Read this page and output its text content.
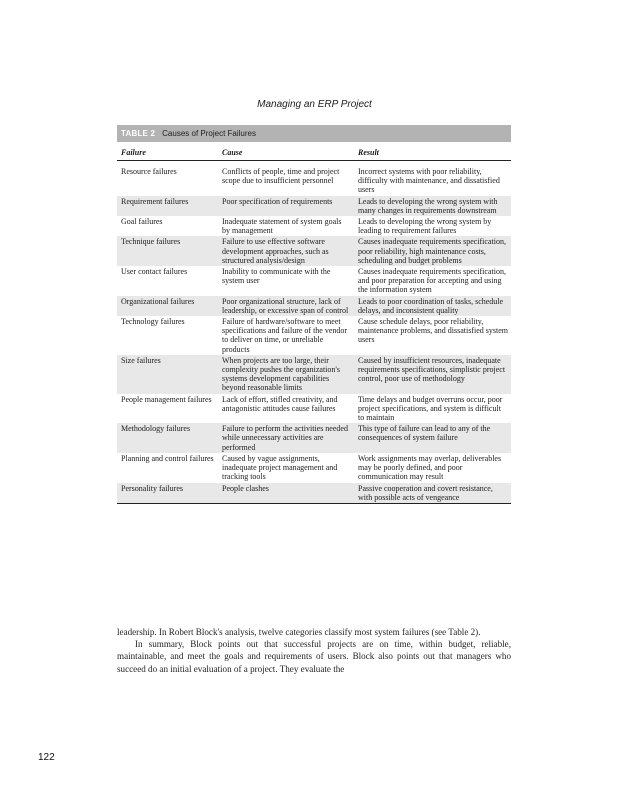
Managing an ERP Project
TABLE 2 Causes of Project Failures
Failure	Cause	Result
Resource failures	Conflicts of people, time and project scope due to insufficient personnel	Incorrect systems with poor reliability, difficulty with maintenance, and dissatisfied users
Requirement failures	Poor specification of requirements	Leads to developing the wrong system with many changes in requirements downstream
Goal failures	Inadequate statement of system goals by management	Leads to developing the wrong system by leading to requirement failures
Technique failures	Failure to use effective software development approaches, such as structured analysis/design	Causes inadequate requirements specification, poor reliability, high maintenance costs, scheduling and budget problems
User contact failures	Inability to communicate with the system user	Causes inadequate requirements specification, and poor preparation for accepting and using the information system
Organizational failures	Poor organizational structure, lack of leadership, or excessive span of control	Leads to poor coordination of tasks, schedule delays, and inconsistent quality
Technology failures	Failure of hardware/software to meet specifications and failure of the vendor to deliver on time, or unreliable products	Cause schedule delays, poor reliability, maintenance problems, and dissatisfied system users
Size failures	When projects are too large, their complexity pushes the organization's systems development capabilities beyond reasonable limits	Caused by insufficient resources, inadequate requirements specifications, simplistic project control, poor use of methodology
People management failures	Lack of effort, stifled creativity, and antagonistic attitudes cause failures	Time delays and budget overruns occur, poor project specifications, and system is difficult to maintain
Methodology failures	Failure to perform the activities needed while unnecessary activities are performed	This type of failure can lead to any of the consequences of system failure
Planning and control failures	Caused by vague assignments, inadequate project management and tracking tools	Work assignments may overlap, deliverables may be poorly defined, and poor communication may result
Personality failures	People clashes	Passive cooperation and covert resistance, with possible acts of vengeance

leadership. In Robert Block's analysis, twelve categories classify most system failures (see Table 2).

In summary, Block points out that successful projects are on time, within budget, reliable, maintainable, and meet the goals and requirements of users. Block also points out that managers who succeed do an initial evaluation of a project. They evaluate the

122
